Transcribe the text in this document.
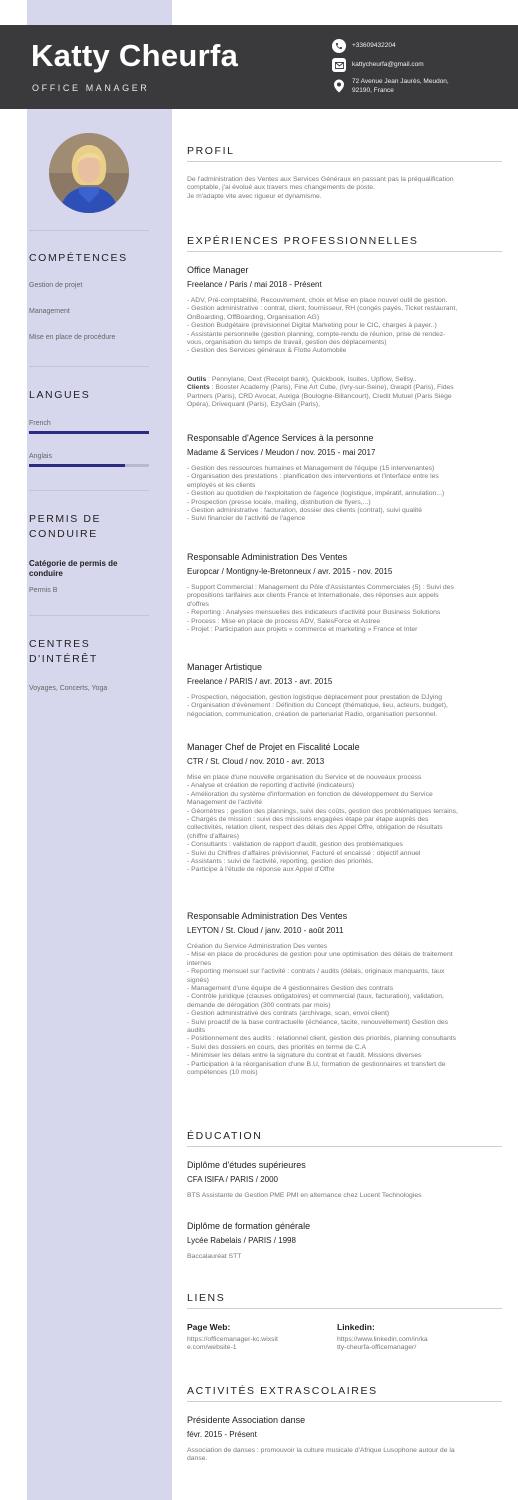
Katty Cheurfa
OFFICE MANAGER
+33609432204
kattycheurfa@gmail.com
72 Avenue Jean Jaurès, Meudon,
92190, France
COMPÉTENCES
Gestion de projet
Management
Mise en place de procédure
LANGUES
French
Anglais
PERMIS DE
CONDUIRE
Catégorie de permis de
conduire
Permis B
CENTRES
D'INTÉRÊT
Voyages, Concerts, Yoga
PROFIL
De l'administration des Ventes aux Services Généraux en passant pas la préqualification
comptable, j'ai évolué aux travers mes changements de poste.
Je m'adapte vite avec rigueur et dynamisme.
EXPÉRIENCES PROFESSIONNELLES
Office Manager
Freelance / Paris / mai 2018 - Présent
- ADV, Pré-comptabilité, Recouvrement, choix et Mise en place nouvel outil de gestion.
- Gestion administrative : contrat, client, fournisseur, RH (congés payés, Ticket restaurant,
OnBoarding, OffBoarding, Organisation AG)
- Gestion Budgétaire (prévisionnel Digital Marketing pour le CIC, charges à payer..)
- Assistante personnelle (gestion planning, compte-rendu de réunion, prise de rendez-
vous, organisation du temps de travail, gestion des déplacements)
- Gestion des Services généraux & Flotte Automobile

Outils : Pennylane, Dext (Receipt bank), Quickbook, Isuites, Upflow, Sellsy..
Clients : Booster Academy (Paris), Fine Art Cube, (Ivry-sur-Seine), Gwapit (Paris), Fides
Partners (Paris), CRD Avocat, Auxiga (Boulogne-Billancourt), Credit Mutuel (Paris Siège
Opéra), Drivequant (Paris), EzyGain (Paris),
Responsable d'Agence Services à la personne
Madame & Services / Meudon / nov. 2015 - mai 2017
- Gestion des ressources humaines et Management de l'équipe (15 intervenantes)
- Organisation des prestations : planification des interventions et l'interface entre les
employés et les clients
- Gestion au quotidien de l'exploitation de l'agence (logistique, impératif, annulation...)
- Prospection (presse locale, mailing, distribution de flyers,...)
- Gestion administrative : facturation, dossier des clients (contrat), suivi qualité
- Suivi financier de l'activité de l'agence

Responsable Administration Des Ventes
Europcar / Montigny-le-Bretonneux / avr. 2015 - nov. 2015
- Support Commercial : Management du Pôle d'Assistantes Commerciales (5) : Suivi des
propositions tarifaires aux clients France et Internationale, des réponses aux appels
d'offres
- Reporting : Analyses mensuelles des indicateurs d'activité pour Business Solutions
- Process : Mise en place de process ADV, SalesForce et Astree
- Projet : Participation aux projets « commerce et marketing » France et Inter

Manager Artistique
Freelance / PARIS / avr. 2013 - avr. 2015
- Prospection, négociation, gestion logistique déplacement pour prestation de DJying
- Organisation d'évènement : Définition du Concept (thématique, lieu, acteurs, budget),
négociation, communication, création de partenariat Radio, organisation personnel.

Manager Chef de Projet en Fiscalité Locale
CTR / St. Cloud / nov. 2010 - avr. 2013
Mise en place d'une nouvelle organisation du Service et de nouveaux process
- Analyse et création de reporting d'activité (indicateurs)
- Amélioration du système d'information en fonction de développement du Service
Management de l'activité
- Géomètres : gestion des plannings, suivi des coûts, gestion des problématiques terrains,
- Chargés de mission : suivi des missions engagées étape par étape auprès des
collectivités, relation client, respect des délais des Appel Offre, obligation de résultats
(chiffre d'affaires)
- Consultants : validation de rapport d'audit, gestion des problématiques
- Suivi du Chiffres d'affaires prévisionnel, Facturé et encaissé : objectif annuel
- Assistants : suivi de l'activité, reporting, gestion des priorités.
- Participe à l'étude de réponse aux Appel d'Offre

Responsable Administration Des Ventes
LEYTON / St. Cloud / janv. 2010 - août 2011
Création du Service Administration Des ventes
- Mise en place de procédures de gestion pour une optimisation des délais de traitement
internes
- Reporting mensuel sur l'activité : contrats / audits (délais, originaux manquants, taux
signés)
- Management d'une équipe de 4 gestionnaires Gestion des contrats
- Contrôle juridique (clauses obligatoires) et commercial (taux, facturation), validation,
demande de dérogation (300 contrats par mois)
- Gestion administrative des contrats (archivage, scan, envoi client)
- Suivi proactif de la base contractuelle (échéance, tacite, renouvellement) Gestion des
audits
- Positionnement des audits : relationnel client, gestion des priorités, planning consultants
- Suivi des dossiers en cours, des priorités en terme de C.A
- Minimiser les délais entre la signature du contrat et l'audit. Missions diverses
- Participation à la réorganisation d'une B.U, formation de gestionnaires et transfert de
compétences (10 mois)

ÉDUCATION
Diplôme d'études supérieures
CFA ISIFA / PARIS / 2000
BTS Assistante de Gestion PME PMI en alternance chez Lucent Technologies
Diplôme de formation générale
Lycée Rabelais / PARIS / 1998
Baccalauréat STT
LIENS
Page Web:
https://officemanager-kc.wixsit
e.com/website-1
Linkedin:
https://www.linkedin.com/in/ka
tty-cheurfa-officemanager/
ACTIVITÉS EXTRASCOLAIRES
Présidente Association danse
févr. 2015 - Présent
Association de danses : promouvoir la culture musicale d'Afrique Lusophone autour de la
danse.
